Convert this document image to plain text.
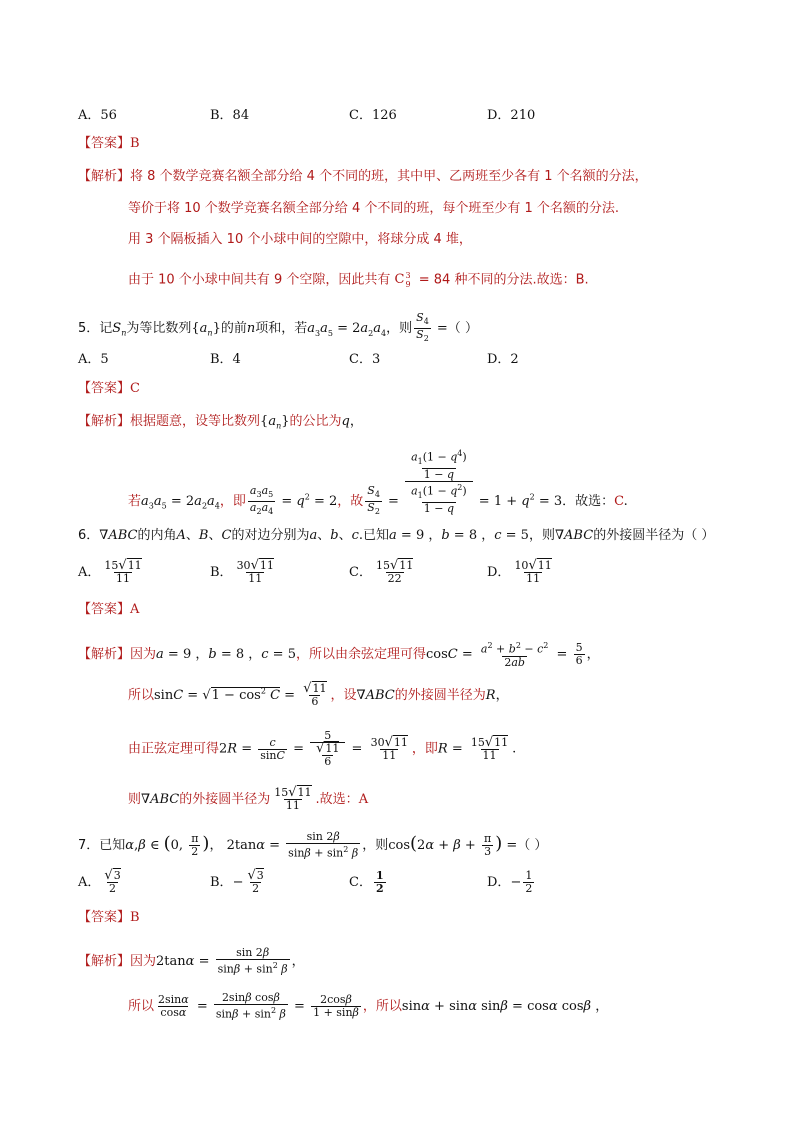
A．56	B．84	C．126	D．210
【答案】B
【解析】将 8 个数学竞赛名额全部分给 4 个不同的班，其中甲、乙两班至少各有 1 个名额的分法，
等价于将 10 个数学竞赛名额全部分给 4 个不同的班，每个班至少有 1 个名额的分法.
用 3 个隔板插入 10 个小球中间的空隙中，将球分成 4 堆，
由于 10 个小球中间共有 9 个空隙，因此共有 $C^3_9 = 84$ 种不同的分法.故选：B.
5．记$S_n$为等比数列$\{a_n\}$的前n项和，若$a_3a_5 = 2a_2a_4$，则 $\frac{S_4}{S_2}$ =（ ）
A．5	B．4	C．3	D．2
【答案】C
【解析】根据题意，设等比数列$\{a_n\}$的公比为q，
若$a_3a_5 = 2a_2a_4$，即 $\frac{a_3a_5}{a_2a_4} = q^2 = 2$，故 $\frac{S_4}{S_2} = \frac{\frac{a_1(1 - q^4)}{1 - q}}{\frac{a_1(1 - q^2)}{1 - q}} = 1 + q^2 = 3$．故选：C.
6．∇ABC的内角A、B、C的对边分别为a、b、c.已知a = 9 ，b = 8 ，c = 5，则∇ABC的外接圆半径为（ ）
A． $\frac{15√11}{11}$	B． $\frac{30√11}{11}$	C． $\frac{15√11}{22}$	D． $\frac{10√11}{11}$
【答案】A
【解析】因为a = 9 ，b = 8 ，c = 5，所以由余弦定理可得$\cos C = \frac{a^2 + b^2 - c^2}{2ab} = \frac{5}{6}$ ，
所以$\sin C = √1 - \cos^2 C = \frac{√11}{6}$ ，设∇ABC的外接圆半径为R，
由正弦定理可得$2R = \frac{c}{\sin C} = \frac{5}{\frac{√11}{6}} = \frac{30√11}{11}$ ，即$R = \frac{15√11}{11}$ .
则∇ABC的外接圆半径为 $\frac{15√11}{11}$ .故选：A
7．已知α,β ∈ (0, $\frac{\pi}{2}$ )， $2\tan\alpha = \frac{\sin 2\beta}{\sin\beta + \sin^2 \beta}$ ，则$\cos(2\alpha + \beta + \frac{\pi}{3}$ ) =（ ）
A． $\frac{√3}{2}$	B．− $\frac{√3}{2}$	C． $\frac{1}{2}$	D．− $\frac{1}{2}$
【答案】B
【解析】因为$2\tan\alpha = \frac{\sin 2\beta}{\sin\beta + \sin^2 \beta}$ ，
所以 $\frac{2\sin\alpha}{\cos\alpha} = \frac{\text{2sinβ cosβ}}{\sin\beta + \sin^2 \beta} = \frac{2\cos\beta}{1 + \sin\beta}$ ，所以sinα + sinα sinβ = cosα cosβ ，
